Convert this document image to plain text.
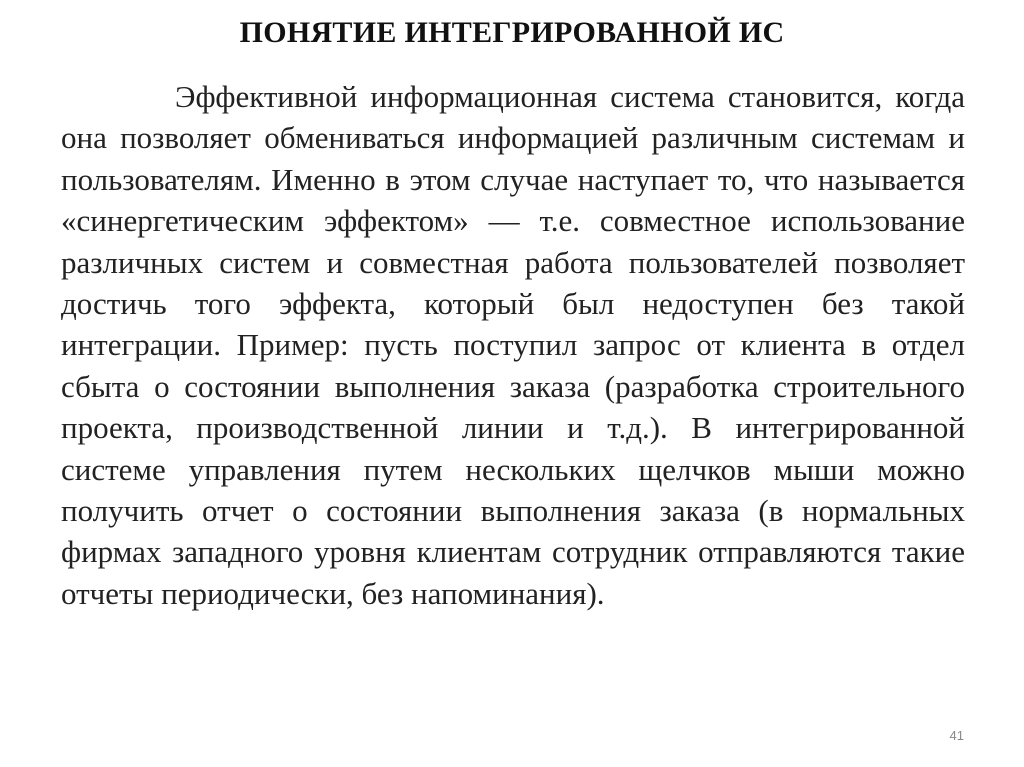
ПОНЯТИЕ ИНТЕГРИРОВАННОЙ ИС

Эффективной информационная система становится, когда она позволяет обмениваться информацией различным системам и пользователям. Именно в этом случае наступает то, что называется «синергетическим эффектом» — т.е. совместное использование различных систем и совместная работа пользователей позволяет достичь того эффекта, который был недоступен без такой интеграции. Пример: пусть поступил запрос от клиента в отдел сбыта о состоянии выполнения заказа (разработка строительного проекта, производственной линии и т.д.). В интегрированной системе управления путем нескольких щелчков мыши можно получить отчет о состоянии выполнения заказа (в нормальных фирмах западного уровня клиентам сотрудник отправляются такие отчеты периодически, без напоминания).

41
